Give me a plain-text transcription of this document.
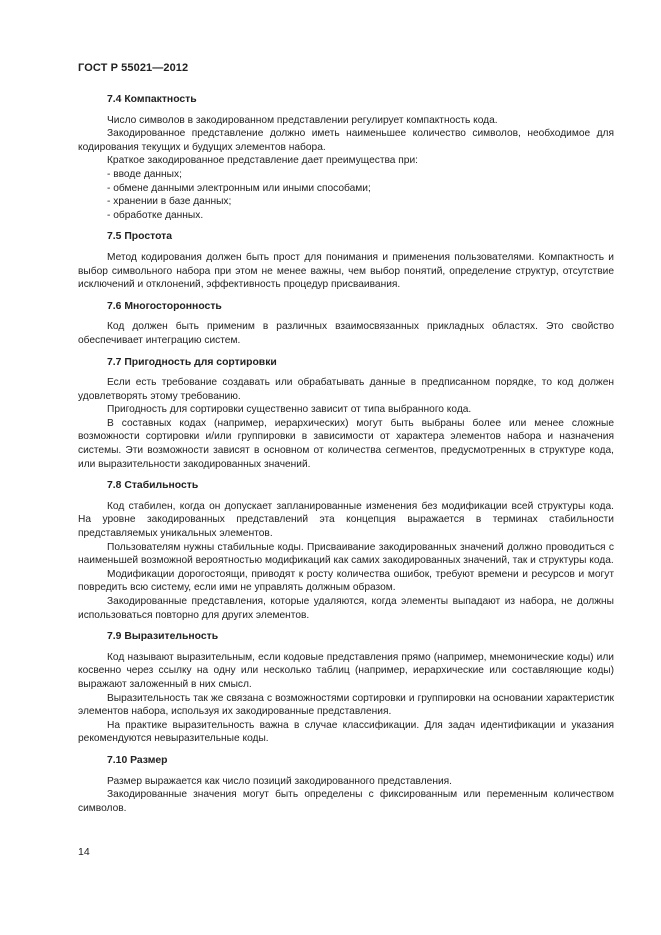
ГОСТ Р 55021—2012

7.4 Компактность

Число символов в закодированном представлении регулирует компактность кода.

Закодированное представление должно иметь наименьшее количество символов, необходимое для кодирования текущих и будущих элементов набора.

Краткое закодированное представление дает преимущества при:

- вводе данных;

- обмене данными электронным или иными способами;

- хранении в базе данных;

- обработке данных.

7.5 Простота

Метод кодирования должен быть прост для понимания и применения пользователями. Компактность и выбор символьного набора при этом не менее важны, чем выбор понятий, определение структур, отсутствие исключений и отклонений, эффективность процедур присваивания.

7.6 Многосторонность

Код должен быть применим в различных взаимосвязанных прикладных областях. Это свойство обеспечивает интеграцию систем.

7.7 Пригодность для сортировки

Если есть требование создавать или обрабатывать данные в предписанном порядке, то код должен удовлетворять этому требованию.

Пригодность для сортировки существенно зависит от типа выбранного кода.

В составных кодах (например, иерархических) могут быть выбраны более или менее сложные возможности сортировки и/или группировки в зависимости от характера элементов набора и назначения системы. Эти возможности зависят в основном от количества сегментов, предусмотренных в структуре кода, или выразительности закодированных значений.

7.8 Стабильность

Код стабилен, когда он допускает запланированные изменения без модификации всей структуры кода. На уровне закодированных представлений эта концепция выражается в терминах стабильности представляемых уникальных элементов.

Пользователям нужны стабильные коды. Присваивание закодированных значений должно проводиться с наименьшей возможной вероятностью модификаций как самих закодированных значений, так и структуры кода.

Модификации дорогостоящи, приводят к росту количества ошибок, требуют времени и ресурсов и могут повредить всю систему, если ими не управлять должным образом.

Закодированные представления, которые удаляются, когда элементы выпадают из набора, не должны использоваться повторно для других элементов.

7.9 Выразительность

Код называют выразительным, если кодовые представления прямо (например, мнемонические коды) или косвенно через ссылку на одну или несколько таблиц (например, иерархические или составляющие коды) выражают заложенный в них смысл.

Выразительность так же связана с возможностями сортировки и группировки на основании характеристик элементов набора, используя их закодированные представления.

На практике выразительность важна в случае классификации. Для задач идентификации и указания рекомендуются невыразительные коды.

7.10 Размер

Размер выражается как число позиций закодированного представления.

Закодированные значения могут быть определены с фиксированным или переменным количеством символов.

14
